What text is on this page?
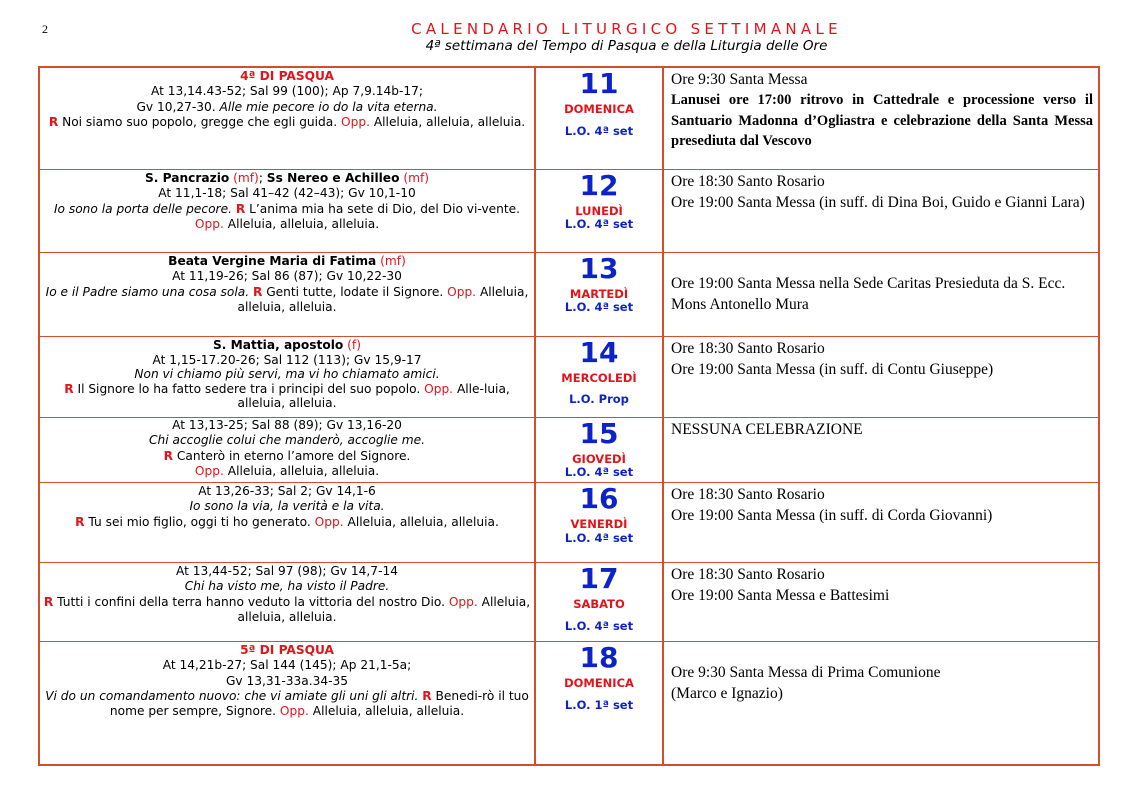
2	CALENDARIO LITURGICO SETTIMANALE
4ª settimana del Tempo di Pasqua e della Liturgia delle Ore
4ª DI PASQUA
At 13,14.43-52; Sal 99 (100); Ap 7,9.14b-17;
Gv 10,27-30. Alle mie pecore io do la vita eterna.
R Noi siamo suo popolo, gregge che egli guida. Opp. Alleluia, alleluia, alleluia.
11
DOMENICA
L.O. 4ª set
Ore 9:30 Santa Messa
Lanusei ore 17:00 ritrovo in Cattedrale e processione verso il Santuario Madonna d’Ogliastra e celebrazione della Santa Messa presediuta dal Vescovo
S. Pancrazio (mf); Ss Nereo e Achilleo (mf)
At 11,1-18; Sal 41–42 (42–43); Gv 10,1-10
Io sono la porta delle pecore. R L’anima mia ha sete di Dio, del Dio vi-vente. Opp. Alleluia, alleluia, alleluia.
12
LUNEDÌ
L.O. 4ª set
Ore 18:30 Santo Rosario
Ore 19:00 Santa Messa (in suff. di Dina Boi, Guido e Gianni Lara)
Beata Vergine Maria di Fatima (mf)
At 11,19-26; Sal 86 (87); Gv 10,22-30
Io e il Padre siamo una cosa sola. R Genti tutte, lodate il Signore. Opp. Alleluia, alleluia, alleluia.
13
MARTEDÌ
L.O. 4ª set
Ore 19:00 Santa Messa nella Sede Caritas Presieduta da S. Ecc. Mons Antonello Mura
S. Mattia, apostolo (f)
At 1,15-17.20-26; Sal 112 (113); Gv 15,9-17
Non vi chiamo più servi, ma vi ho chiamato amici.
R Il Signore lo ha fatto sedere tra i principi del suo popolo. Opp. Alle-luia, alleluia, alleluia.
14
MERCOLEDÌ
L.O. Prop
Ore 18:30 Santo Rosario
Ore 19:00 Santa Messa (in suff. di Contu Giuseppe)
At 13,13-25; Sal 88 (89); Gv 13,16-20
Chi accoglie colui che manderò, accoglie me.
R Canterò in eterno l’amore del Signore.
Opp. Alleluia, alleluia, alleluia.
15
GIOVEDÌ
L.O. 4ª set
NESSUNA CELEBRAZIONE
At 13,26-33; Sal 2; Gv 14,1-6
Io sono la via, la verità e la vita.
R Tu sei mio figlio, oggi ti ho generato. Opp. Alleluia, alleluia, alleluia.
16
VENERDÌ
L.O. 4ª set
Ore 18:30 Santo Rosario
Ore 19:00 Santa Messa (in suff. di Corda Giovanni)
At 13,44-52; Sal 97 (98); Gv 14,7-14
Chi ha visto me, ha visto il Padre.
R Tutti i confini della terra hanno veduto la vittoria del nostro Dio. Opp. Alleluia, alleluia, alleluia.
17
SABATO
L.O. 4ª set
Ore 18:30 Santo Rosario
Ore 19:00 Santa Messa e Battesimi
5ª DI PASQUA
At 14,21b-27; Sal 144 (145); Ap 21,1-5a;
Gv 13,31-33a.34-35
Vi do un comandamento nuovo: che vi amiate gli uni gli altri. R Benedi-rò il tuo nome per sempre, Signore. Opp. Alleluia, alleluia, alleluia.
18
DOMENICA
L.O. 1ª set
Ore 9:30 Santa Messa di Prima Comunione
(Marco e Ignazio)
